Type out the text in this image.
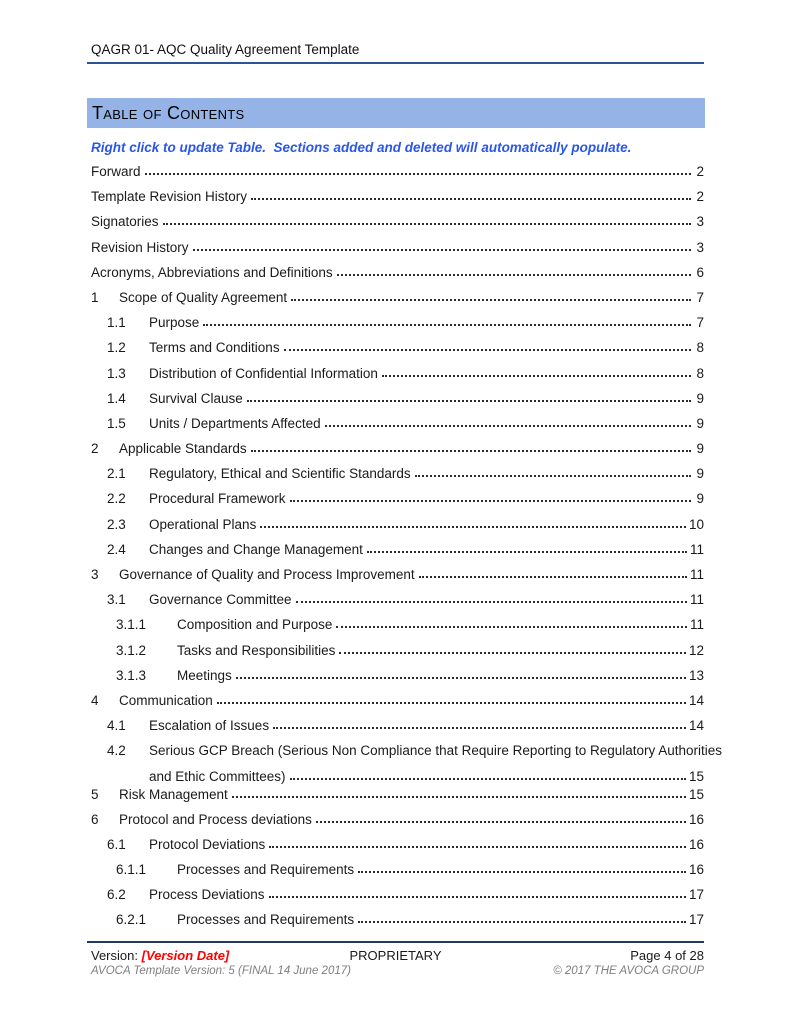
QAGR 01- AQC Quality Agreement Template
Table of Contents
Right click to update Table.  Sections added and deleted will automatically populate.
Forward	2
Template Revision History	2
Signatories	3
Revision History	3
Acronyms, Abbreviations and Definitions	6
1	Scope of Quality Agreement	7
1.1	Purpose	7
1.2	Terms and Conditions	8
1.3	Distribution of Confidential Information	8
1.4	Survival Clause	9
1.5	Units / Departments Affected	9
2	Applicable Standards	9
2.1	Regulatory, Ethical and Scientific Standards	9
2.2	Procedural Framework	9
2.3	Operational Plans	10
2.4	Changes and Change Management	11
3	Governance of Quality and Process Improvement	11
3.1	Governance Committee	11
3.1.1	Composition and Purpose	11
3.1.2	Tasks and Responsibilities	12
3.1.3	Meetings	13
4	Communication	14
4.1	Escalation of Issues	14
4.2	Serious GCP Breach (Serious Non Compliance that Require Reporting to Regulatory Authorities
and Ethic Committees)	15
5	Risk Management	15
6	Protocol and Process deviations	16
6.1	Protocol Deviations	16
6.1.1	Processes and Requirements	16
6.2	Process Deviations	17
6.2.1	Processes and Requirements	17
Version: [Version Date]	PROPRIETARY	Page 4 of 28
AVOCA Template Version: 5 (FINAL 14 June 2017)	© 2017 THE AVOCA GROUP
